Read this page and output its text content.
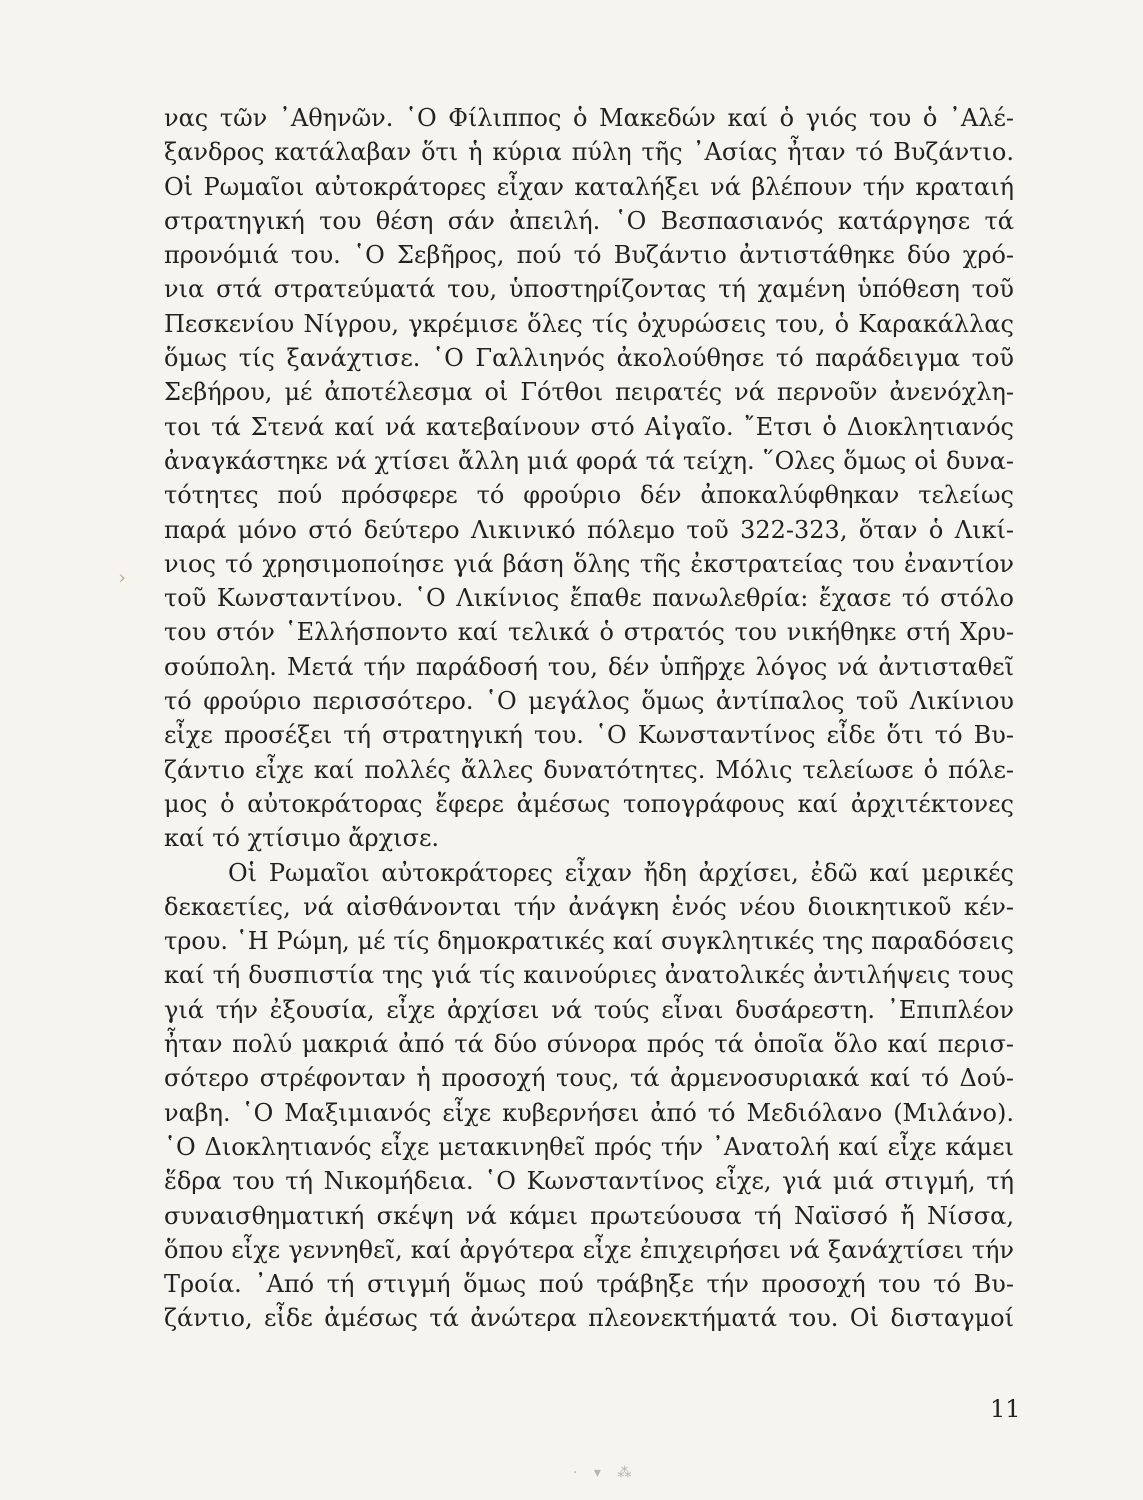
νας τῶν ᾿Αθηνῶν. ῾Ο Φίλιππος ὁ Μακεδών καί ὁ γιός του ὁ ᾿Αλέ-
ξανδρος κατάλαβαν ὅτι ἡ κύρια πύλη τῆς ᾿Ασίας ἦταν τό Βυζάντιο.
Οἱ Ρωμαῖοι αὐτοκράτορες εἶχαν καταλήξει νά βλέπουν τήν κραταιή
στρατηγική του θέση σάν ἀπειλή. ῾Ο Βεσπασιανός κατάργησε τά
προνόμιά του. ῾Ο Σεβῆρος, πού τό Βυζάντιο ἀντιστάθηκε δύο χρό-
νια στά στρατεύματά του, ὑποστηρίζοντας τή χαμένη ὑπόθεση τοῦ
Πεσκενίου Νίγρου, γκρέμισε ὅλες τίς ὀχυρώσεις του, ὁ Καρακάλλας
ὅμως τίς ξανάχτισε. ῾Ο Γαλλιηνός ἀκολούθησε τό παράδειγμα τοῦ
Σεβήρου, μέ ἀποτέλεσμα οἱ Γότθοι πειρατές νά περνοῦν ἀνενόχλη-
τοι τά Στενά καί νά κατεβαίνουν στό Αἰγαῖο. ῎Ετσι ὁ Διοκλητιανός
ἀναγκάστηκε νά χτίσει ἄλλη μιά φορά τά τείχη. ῞Ολες ὅμως οἱ δυνα-
τότητες πού πρόσφερε τό φρούριο δέν ἀποκαλύφθηκαν τελείως
παρά μόνο στό δεύτερο Λικινικό πόλεμο τοῦ 322-323, ὅταν ὁ Λικί-
νιος τό χρησιμοποίησε γιά βάση ὅλης τῆς ἐκστρατείας του ἐναντίον
τοῦ Κωνσταντίνου. ῾Ο Λικίνιος ἔπαθε πανωλεθρία: ἔχασε τό στόλο
του στόν ῾Ελλήσποντο καί τελικά ὁ στρατός του νικήθηκε στή Χρυ-
σούπολη. Μετά τήν παράδοσή του, δέν ὑπῆρχε λόγος νά ἀντισταθεῖ
τό φρούριο περισσότερο. ῾Ο μεγάλος ὅμως ἀντίπαλος τοῦ Λικίνιου
εἶχε προσέξει τή στρατηγική του. ῾Ο Κωνσταντίνος εἶδε ὅτι τό Βυ-
ζάντιο εἶχε καί πολλές ἄλλες δυνατότητες. Μόλις τελείωσε ὁ πόλε-
μος ὁ αὐτοκράτορας ἔφερε ἀμέσως τοπογράφους καί ἀρχιτέκτονες
καί τό χτίσιμο ἄρχισε.
Οἱ Ρωμαῖοι αὐτοκράτορες εἶχαν ἤδη ἀρχίσει, ἐδῶ καί μερικές
δεκαετίες, νά αἰσθάνονται τήν ἀνάγκη ἑνός νέου διοικητικοῦ κέν-
τρου. ῾Η Ρώμη, μέ τίς δημοκρατικές καί συγκλητικές της παραδόσεις
καί τή δυσπιστία της γιά τίς καινούριες ἀνατολικές ἀντιλήψεις τους
γιά τήν ἐξουσία, εἶχε ἀρχίσει νά τούς εἶναι δυσάρεστη. ᾿Επιπλέον
ἦταν πολύ μακριά ἀπό τά δύο σύνορα πρός τά ὁποῖα ὅλο καί περισ-
σότερο στρέφονταν ἡ προσοχή τους, τά ἀρμενοσυριακά καί τό Δού-
ναβη. ῾Ο Μαξιμιανός εἶχε κυβερνήσει ἀπό τό Μεδιόλανο (Μιλάνο).
῾Ο Διοκλητιανός εἶχε μετακινηθεῖ πρός τήν ᾿Ανατολή καί εἶχε κάμει
ἕδρα του τή Νικομήδεια. ῾Ο Κωνσταντίνος εἶχε, γιά μιά στιγμή, τή
συναισθηματική σκέψη νά κάμει πρωτεύουσα τή Ναϊσσό ἤ Νίσσα,
ὅπου εἶχε γεννηθεῖ, καί ἀργότερα εἶχε ἐπιχειρήσει νά ξανάχτίσει τήν
Τροία. ᾿Από τή στιγμή ὅμως πού τράβηξε τήν προσοχή του τό Βυ-
ζάντιο, εἶδε ἀμέσως τά ἀνώτερα πλεονεκτήματά του. Οἱ δισταγμοί
›
11
· ▾ ⁂
